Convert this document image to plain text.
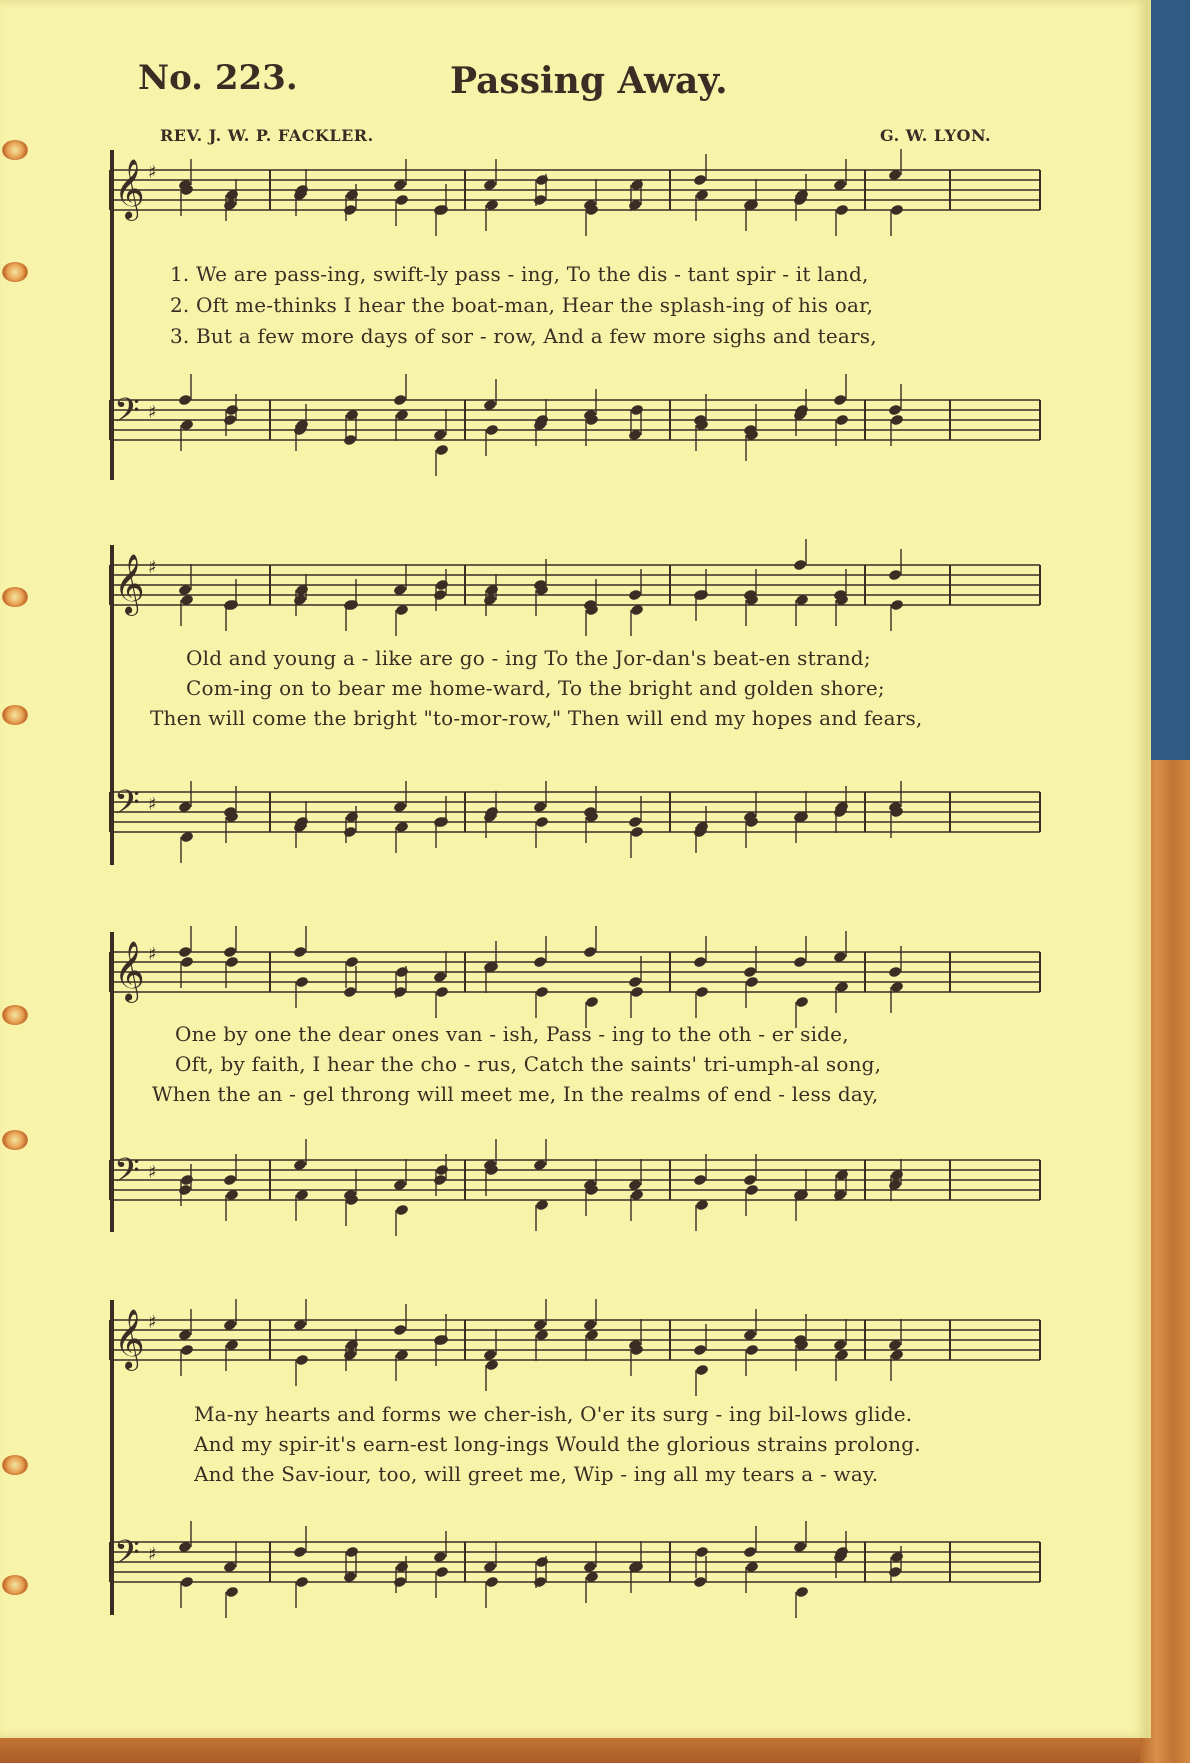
No. 223.	Passing Away.
REV. J. W. P. FACKLER.	G. W. LYON.
𝄞 ♯
1. We are pass-ing, swift-ly pass - ing, To the dis - tant spir - it land,
2. Oft me-thinks I hear the boat-man, Hear the splash-ing of his oar,
3. But a few more days of sor - row, And a few more sighs and tears,
𝄢 ♯
𝄞 ♯
Old and young a - like are go - ing To the Jor-dan's beat-en strand;
Com-ing on to bear me home-ward, To the bright and golden shore;
Then will come the bright "to-mor-row," Then will end my hopes and fears,
𝄢 ♯
𝄞 ♯
One by one the dear ones van - ish, Pass - ing to the oth - er side,
Oft, by faith, I hear the cho - rus, Catch the saints' tri-umph-al song,
When the an - gel throng will meet me, In the realms of end - less day,
𝄢 ♯
𝄞 ♯
Ma-ny hearts and forms we cher-ish, O'er its surg - ing bil-lows glide.
And my spir-it's earn-est long-ings Would the glorious strains prolong.
And the Sav-iour, too, will greet me, Wip - ing all my tears a - way.
𝄢 ♯
